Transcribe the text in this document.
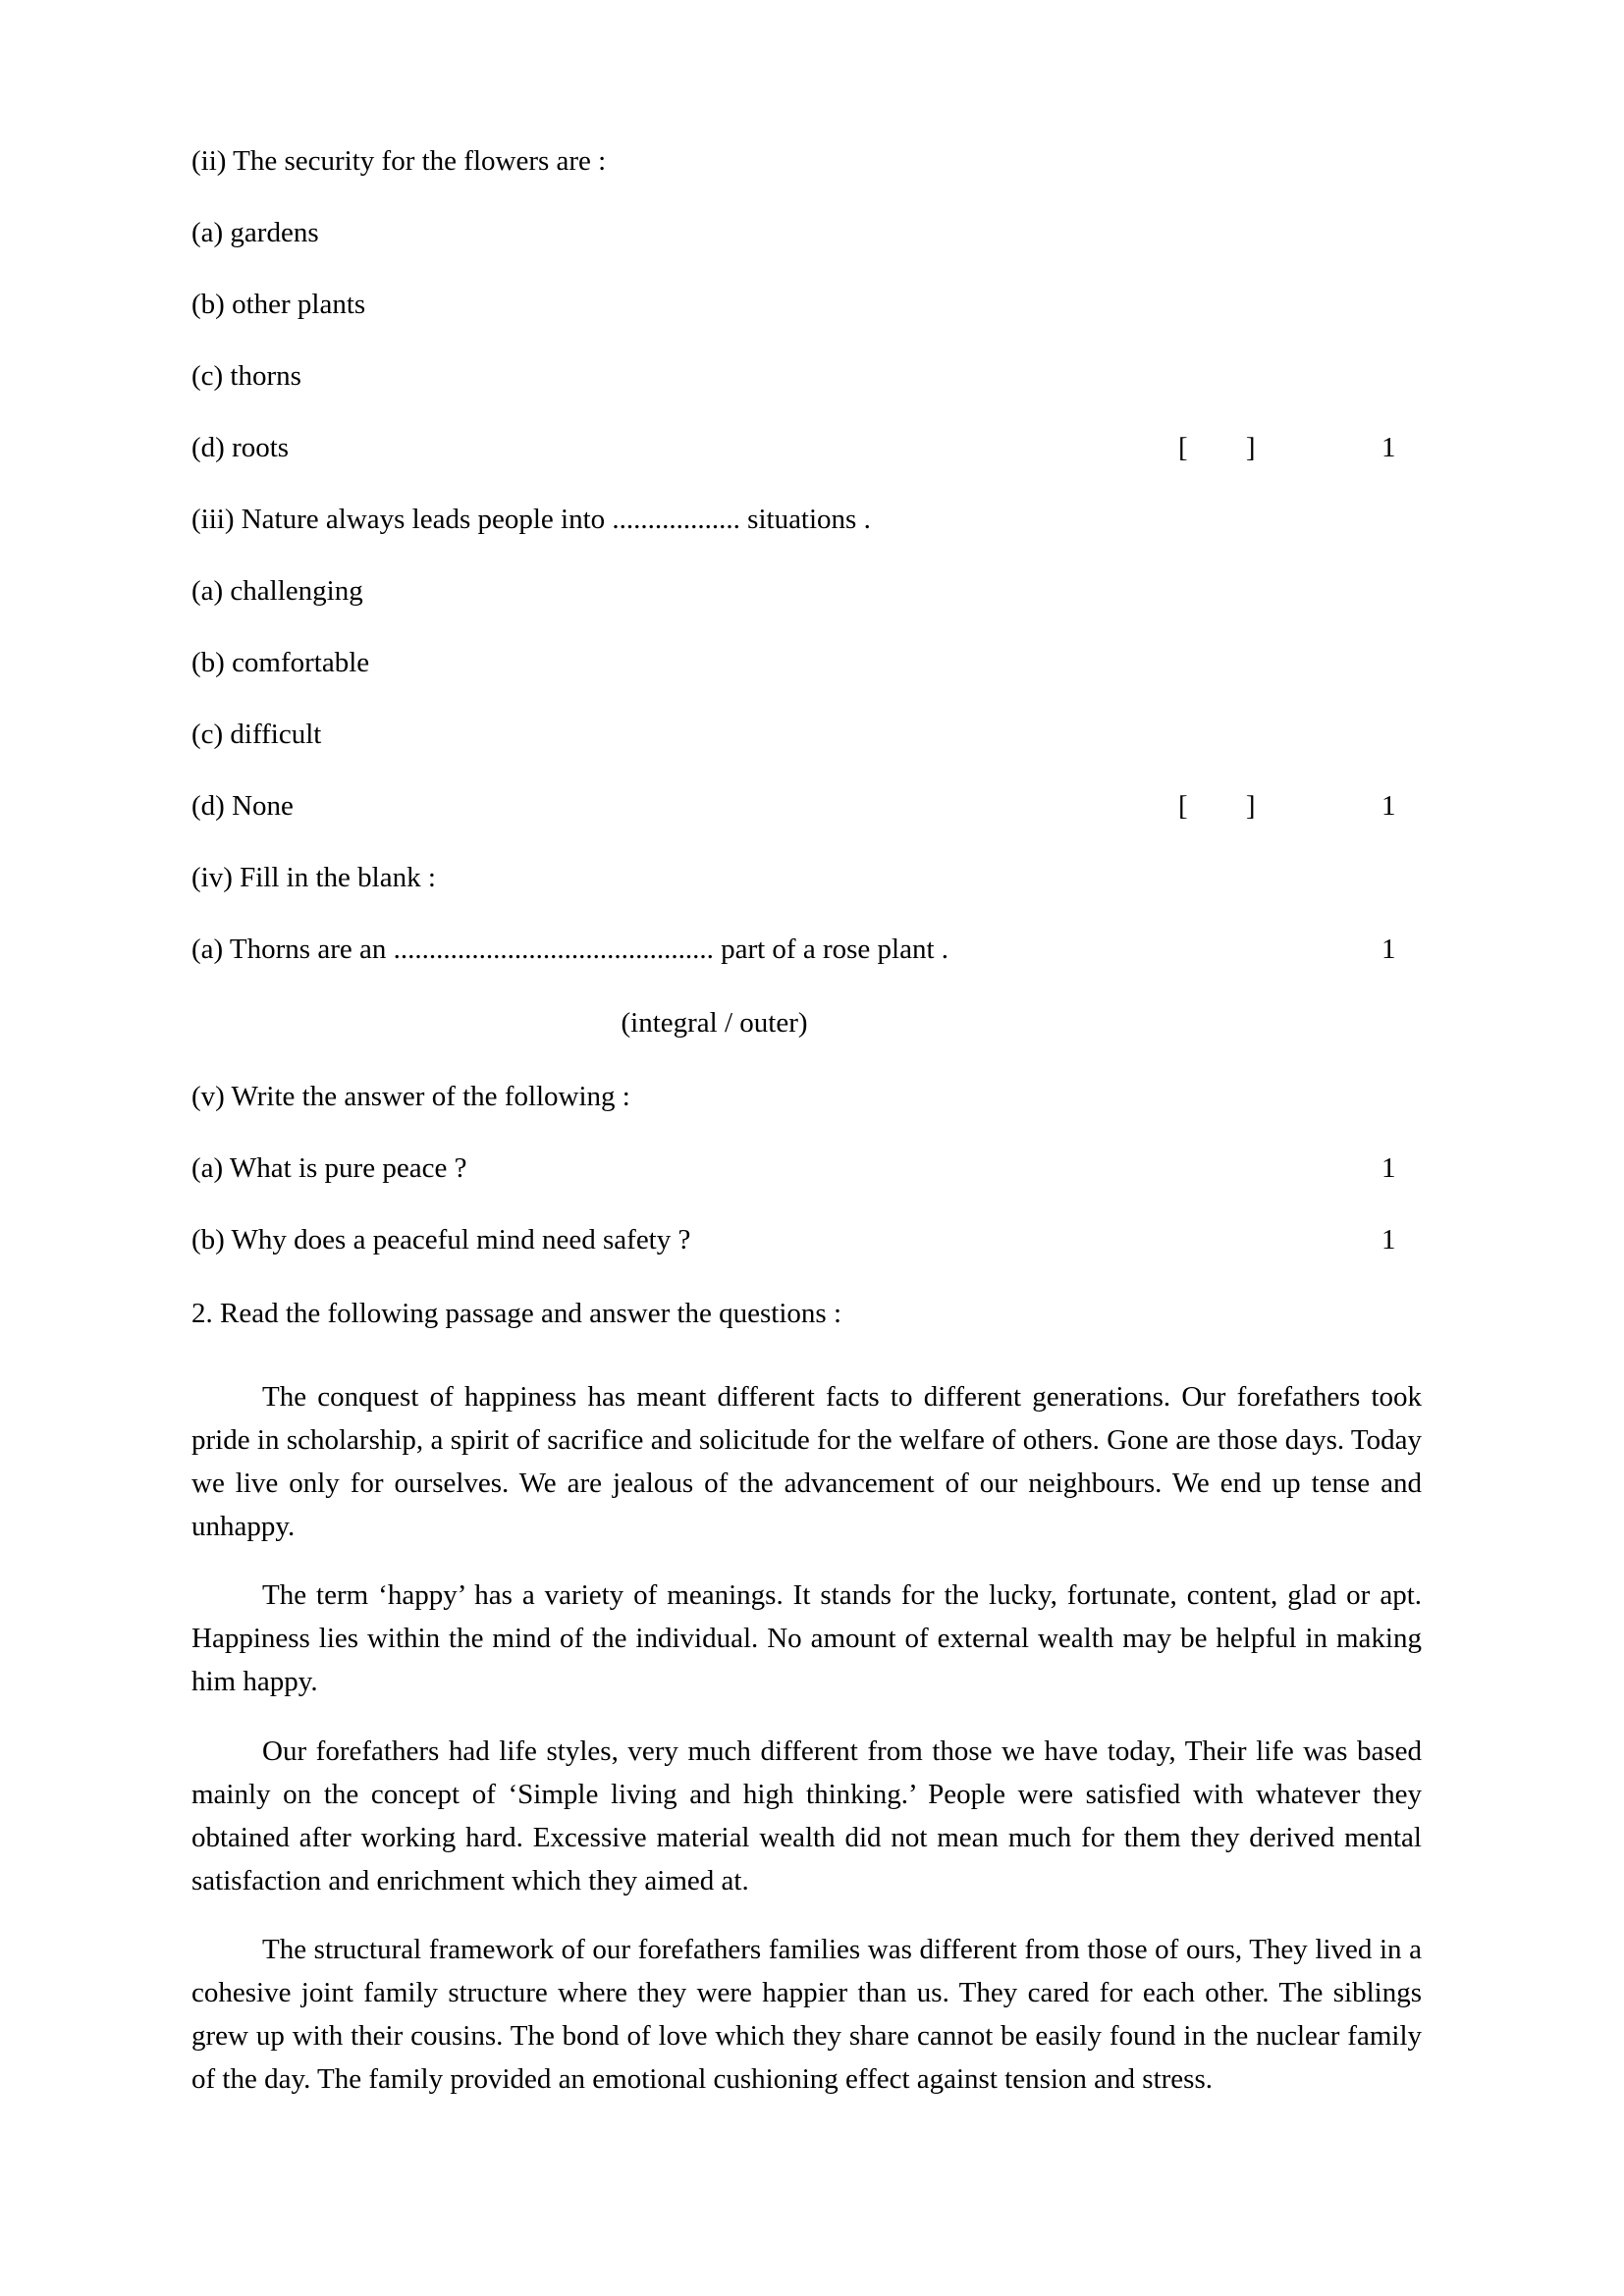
(ii) The security for the flowers are :
(a) gardens
(b) other plants
(c) thorns
(d) roots	[ ]	1
(iii) Nature always leads people into .................. situations .
(a) challenging
(b) comfortable
(c) difficult
(d) None	[ ]	1
(iv) Fill in the blank :
(a) Thorns are an ............................................. part of a rose plant .	1
(integral / outer)
(v) Write the answer of the following :
(a) What is pure peace ?	1
(b) Why does a peaceful mind need safety ?	1
2. Read the following passage and answer the questions :

The conquest of happiness has meant different facts to different generations. Our forefathers took pride in scholarship, a spirit of sacrifice and solicitude for the welfare of others. Gone are those days. Today we live only for ourselves. We are jealous of the advancement of our neighbours. We end up tense and unhappy.

The term ‘happy’ has a variety of meanings. It stands for the lucky, fortunate, content, glad or apt. Happiness lies within the mind of the individual. No amount of external wealth may be helpful in making him happy.

Our forefathers had life styles, very much different from those we have today, Their life was based mainly on the concept of ‘Simple living and high thinking.’ People were satisfied with whatever they obtained after working hard. Excessive material wealth did not mean much for them they derived mental satisfaction and enrichment which they aimed at.

The structural framework of our forefathers families was different from those of ours, They lived in a cohesive joint family structure where they were happier than us. They cared for each other. The siblings grew up with their cousins. The bond of love which they share cannot be easily found in the nuclear family of the day. The family provided an emotional cushioning effect against tension and stress.
